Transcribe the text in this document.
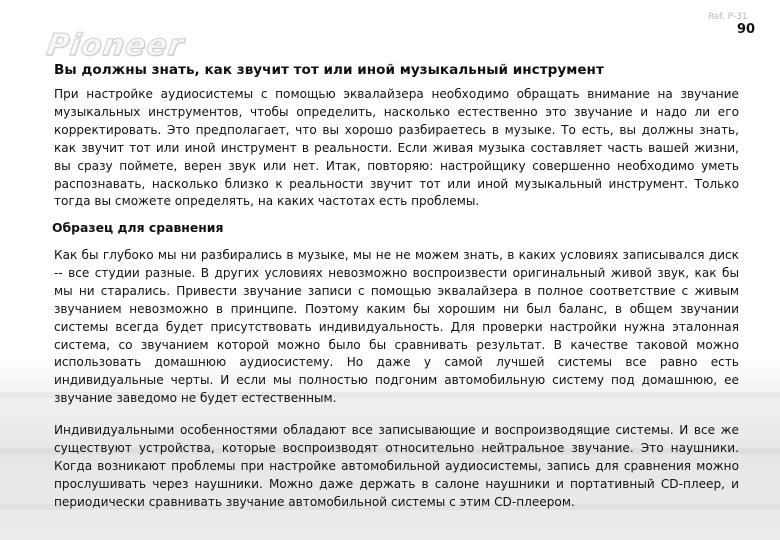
Pioneer
Ref. P-31
90
Вы должны знать, как звучит тот или иной музыкальный инструмент

При настройке аудиосистемы с помощью эквалайзера необходимо обращать внимание на звучание музыкальных инструментов, чтобы определить, насколько естественно это звучание и надо ли его корректировать. Это предполагает, что вы хорошо разбираетесь в музыке. То есть, вы должны знать, как звучит тот или иной инструмент в реальности. Если живая музыка составляет часть вашей жизни, вы сразу поймете, верен звук или нет. Итак, повторяю: настройщику совершенно необходимо уметь распознавать, насколько близко к реальности звучит тот или иной музыкальный инструмент. Только тогда вы сможете определять, на каких частотах есть проблемы.

Образец для сравнения

Как бы глубоко мы ни разбирались в музыке, мы не не можем знать, в каких условиях записывался диск -- все студии разные. В других условиях невозможно воспроизвести оригинальный живой звук, как бы мы ни старались. Привести звучание записи с помощью эквалайзера в полное соответствие с живым звучанием невозможно в принципе. Поэтому каким бы хорошим ни был баланс, в общем звучании системы всегда будет присутствовать индивидуальность. Для проверки настройки нужна эталонная система, со звучанием которой можно было бы сравнивать результат. В качестве таковой можно использовать домашнюю аудиосистему. Но даже у самой лучшей системы все равно есть индивидуальные черты. И если мы полностью подгоним автомобильную систему под домашнюю, ее звучание заведомо не будет естественным.

Индивидуальными особенностями обладают все записывающие и воспроизводящие системы. И все же существуют устройства, которые воспроизводят относительно нейтральное звучание. Это наушники. Когда возникают проблемы при настройке автомобильной аудиосистемы, запись для сравнения можно прослушивать через наушники. Можно даже держать в салоне наушники и портативный CD-плеер, и периодически сравнивать звучание автомобильной системы с этим CD-плеером.
